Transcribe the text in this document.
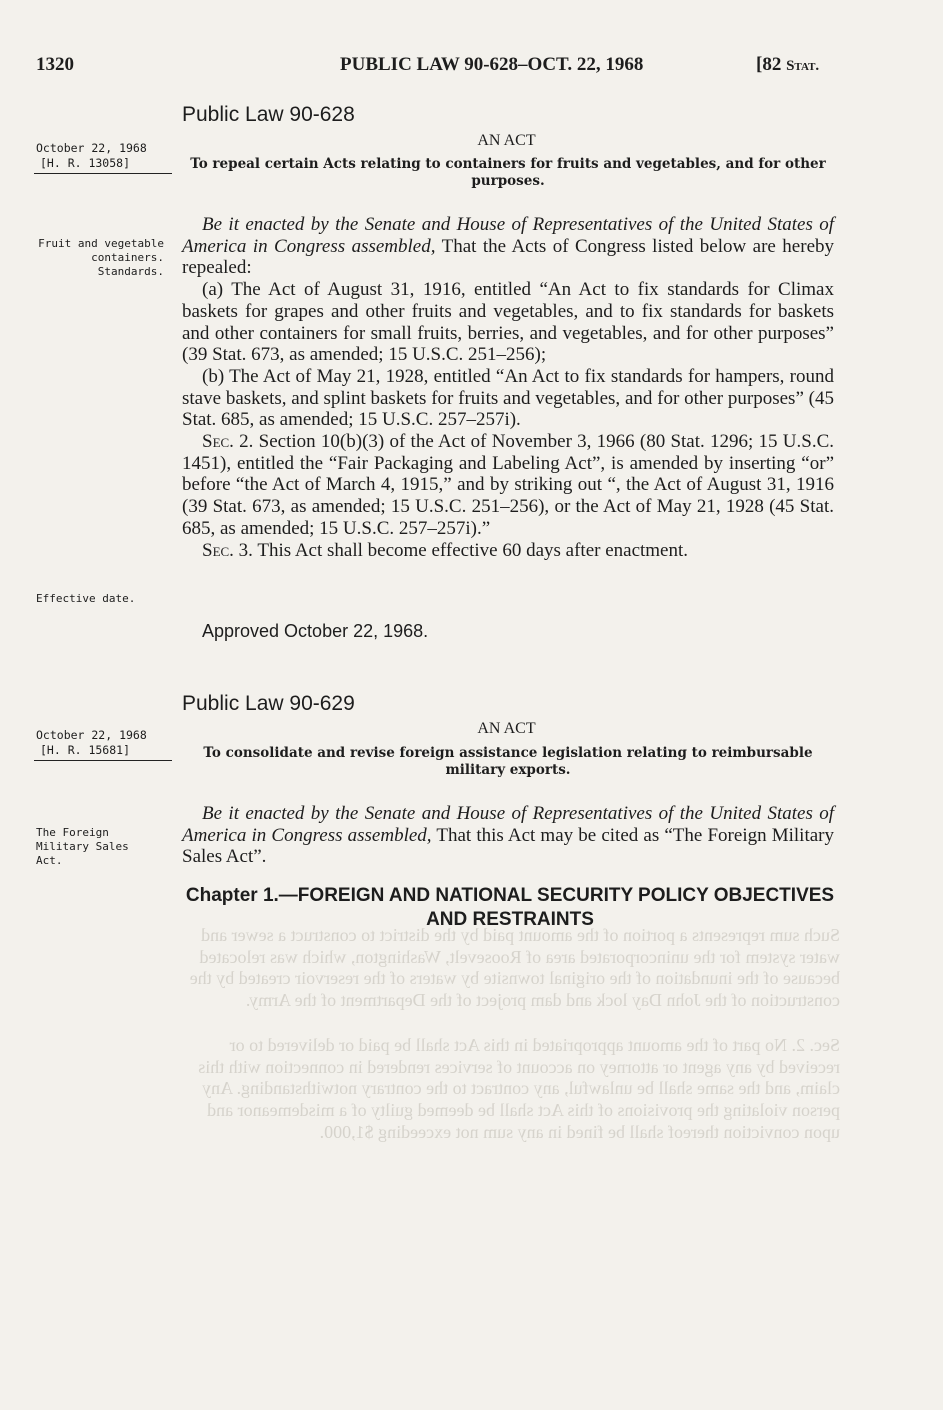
Such sum represents a portion of the amount paid by the district to construct a sewer and water system for the unincorporated area of Roosevelt, Washington, which was relocated because of the inundation of the original townsite by waters of the reservoir created by the construction of the John Day lock and dam project of the Department of the Army.
Sec. 2. No part of the amount appropriated in this Act shall be paid or delivered to or received by any agent or attorney on account of services rendered in connection with this claim, and the same shall be unlawful, any contract to the contrary notwithstanding. Any person violating the provisions of this Act shall be deemed guilty of a misdemeanor and upon conviction thereof shall be fined in any sum not exceeding $1,000.
1320	PUBLIC LAW 90-628–OCT. 22, 1968	[82 Stat.
Public Law 90-628
October 22, 1968
[H. R. 13058]
AN ACT
To repeal certain Acts relating to containers for fruits and vegetables, and for other purposes.
Fruit and vegetable containers. Standards.

Be it enacted by the Senate and House of Representatives of the United States of America in Congress assembled, That the Acts of Congress listed below are hereby repealed:

(a) The Act of August 31, 1916, entitled “An Act to fix standards for Climax baskets for grapes and other fruits and vegetables, and to fix standards for baskets and other containers for small fruits, berries, and vegetables, and for other purposes” (39 Stat. 673, as amended; 15 U.S.C. 251–256);

(b) The Act of May 21, 1928, entitled “An Act to fix standards for hampers, round stave baskets, and splint baskets for fruits and vegetables, and for other purposes” (45 Stat. 685, as amended; 15 U.S.C. 257–257i).

Sec. 2. Section 10(b)(3) of the Act of November 3, 1966 (80 Stat. 1296; 15 U.S.C. 1451), entitled the “Fair Packaging and Labeling Act”, is amended by inserting “or” before “the Act of March 4, 1915,” and by striking out “, the Act of August 31, 1916 (39 Stat. 673, as amended; 15 U.S.C. 251–256), or the Act of May 21, 1928 (45 Stat. 685, as amended; 15 U.S.C. 257–257i).”

Sec. 3. This Act shall become effective 60 days after enactment.

Effective date.
Approved October 22, 1968.
Public Law 90-629
October 22, 1968
[H. R. 15681]
AN ACT
To consolidate and revise foreign assistance legislation relating to reimbursable military exports.
The Foreign Military Sales Act.

Be it enacted by the Senate and House of Representatives of the United States of America in Congress assembled, That this Act may be cited as “The Foreign Military Sales Act”.

Chapter 1.—FOREIGN AND NATIONAL SECURITY POLICY OBJECTIVES AND RESTRAINTS
